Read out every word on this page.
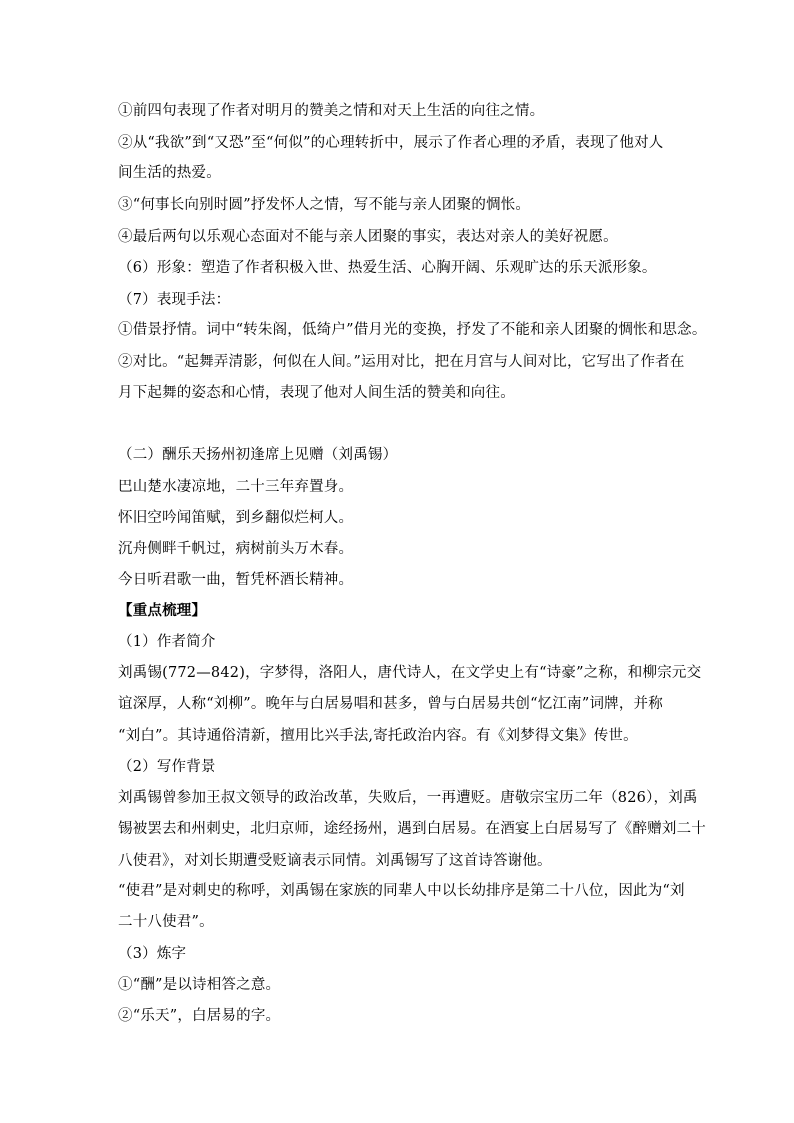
①前四句表现了作者对明月的赞美之情和对天上生活的向往之情。
②从“我欲”到“又恐”至“何似”的心理转折中，展示了作者心理的矛盾，表现了他对人
间生活的热爱。
③“何事长向别时圆”抒发怀人之情，写不能与亲人团聚的惆怅。
④最后两句以乐观心态面对不能与亲人团聚的事实，表达对亲人的美好祝愿。
（6）形象：塑造了作者积极入世、热爱生活、心胸开阔、乐观旷达的乐天派形象。
（7）表现手法：
①借景抒情。词中“转朱阁，低绮户”借月光的变换，抒发了不能和亲人团聚的惆怅和思念。
②对比。“起舞弄清影，何似在人间。”运用对比，把在月宫与人间对比，它写出了作者在
月下起舞的姿态和心情，表现了他对人间生活的赞美和向往。
（二）酬乐天扬州初逢席上见赠（刘禹锡）
巴山楚水凄凉地，二十三年弃置身。
怀旧空吟闻笛赋，到乡翻似烂柯人。
沉舟侧畔千帆过，病树前头万木春。
今日听君歌一曲，暂凭杯酒长精神。
【重点梳理】
（1）作者简介
刘禹锡(772—842)，字梦得，洛阳人，唐代诗人，在文学史上有“诗豪”之称，和柳宗元交
谊深厚，人称“刘柳”。晚年与白居易唱和甚多，曾与白居易共创“忆江南”词牌，并称
“刘白”。其诗通俗清新，擅用比兴手法,寄托政治内容。有《刘梦得文集》传世。
（2）写作背景
刘禹锡曾参加王叔文领导的政治改革，失败后，一再遭贬。唐敬宗宝历二年（826），刘禹
锡被罢去和州刺史，北归京师，途经扬州，遇到白居易。在酒宴上白居易写了《醉赠刘二十
八使君》，对刘长期遭受贬谪表示同情。刘禹锡写了这首诗答谢他。
“使君”是对刺史的称呼，刘禹锡在家族的同辈人中以长幼排序是第二十八位，因此为“刘
二十八使君”。
（3）炼字
①“酬”是以诗相答之意。
②“乐天”，白居易的字。
